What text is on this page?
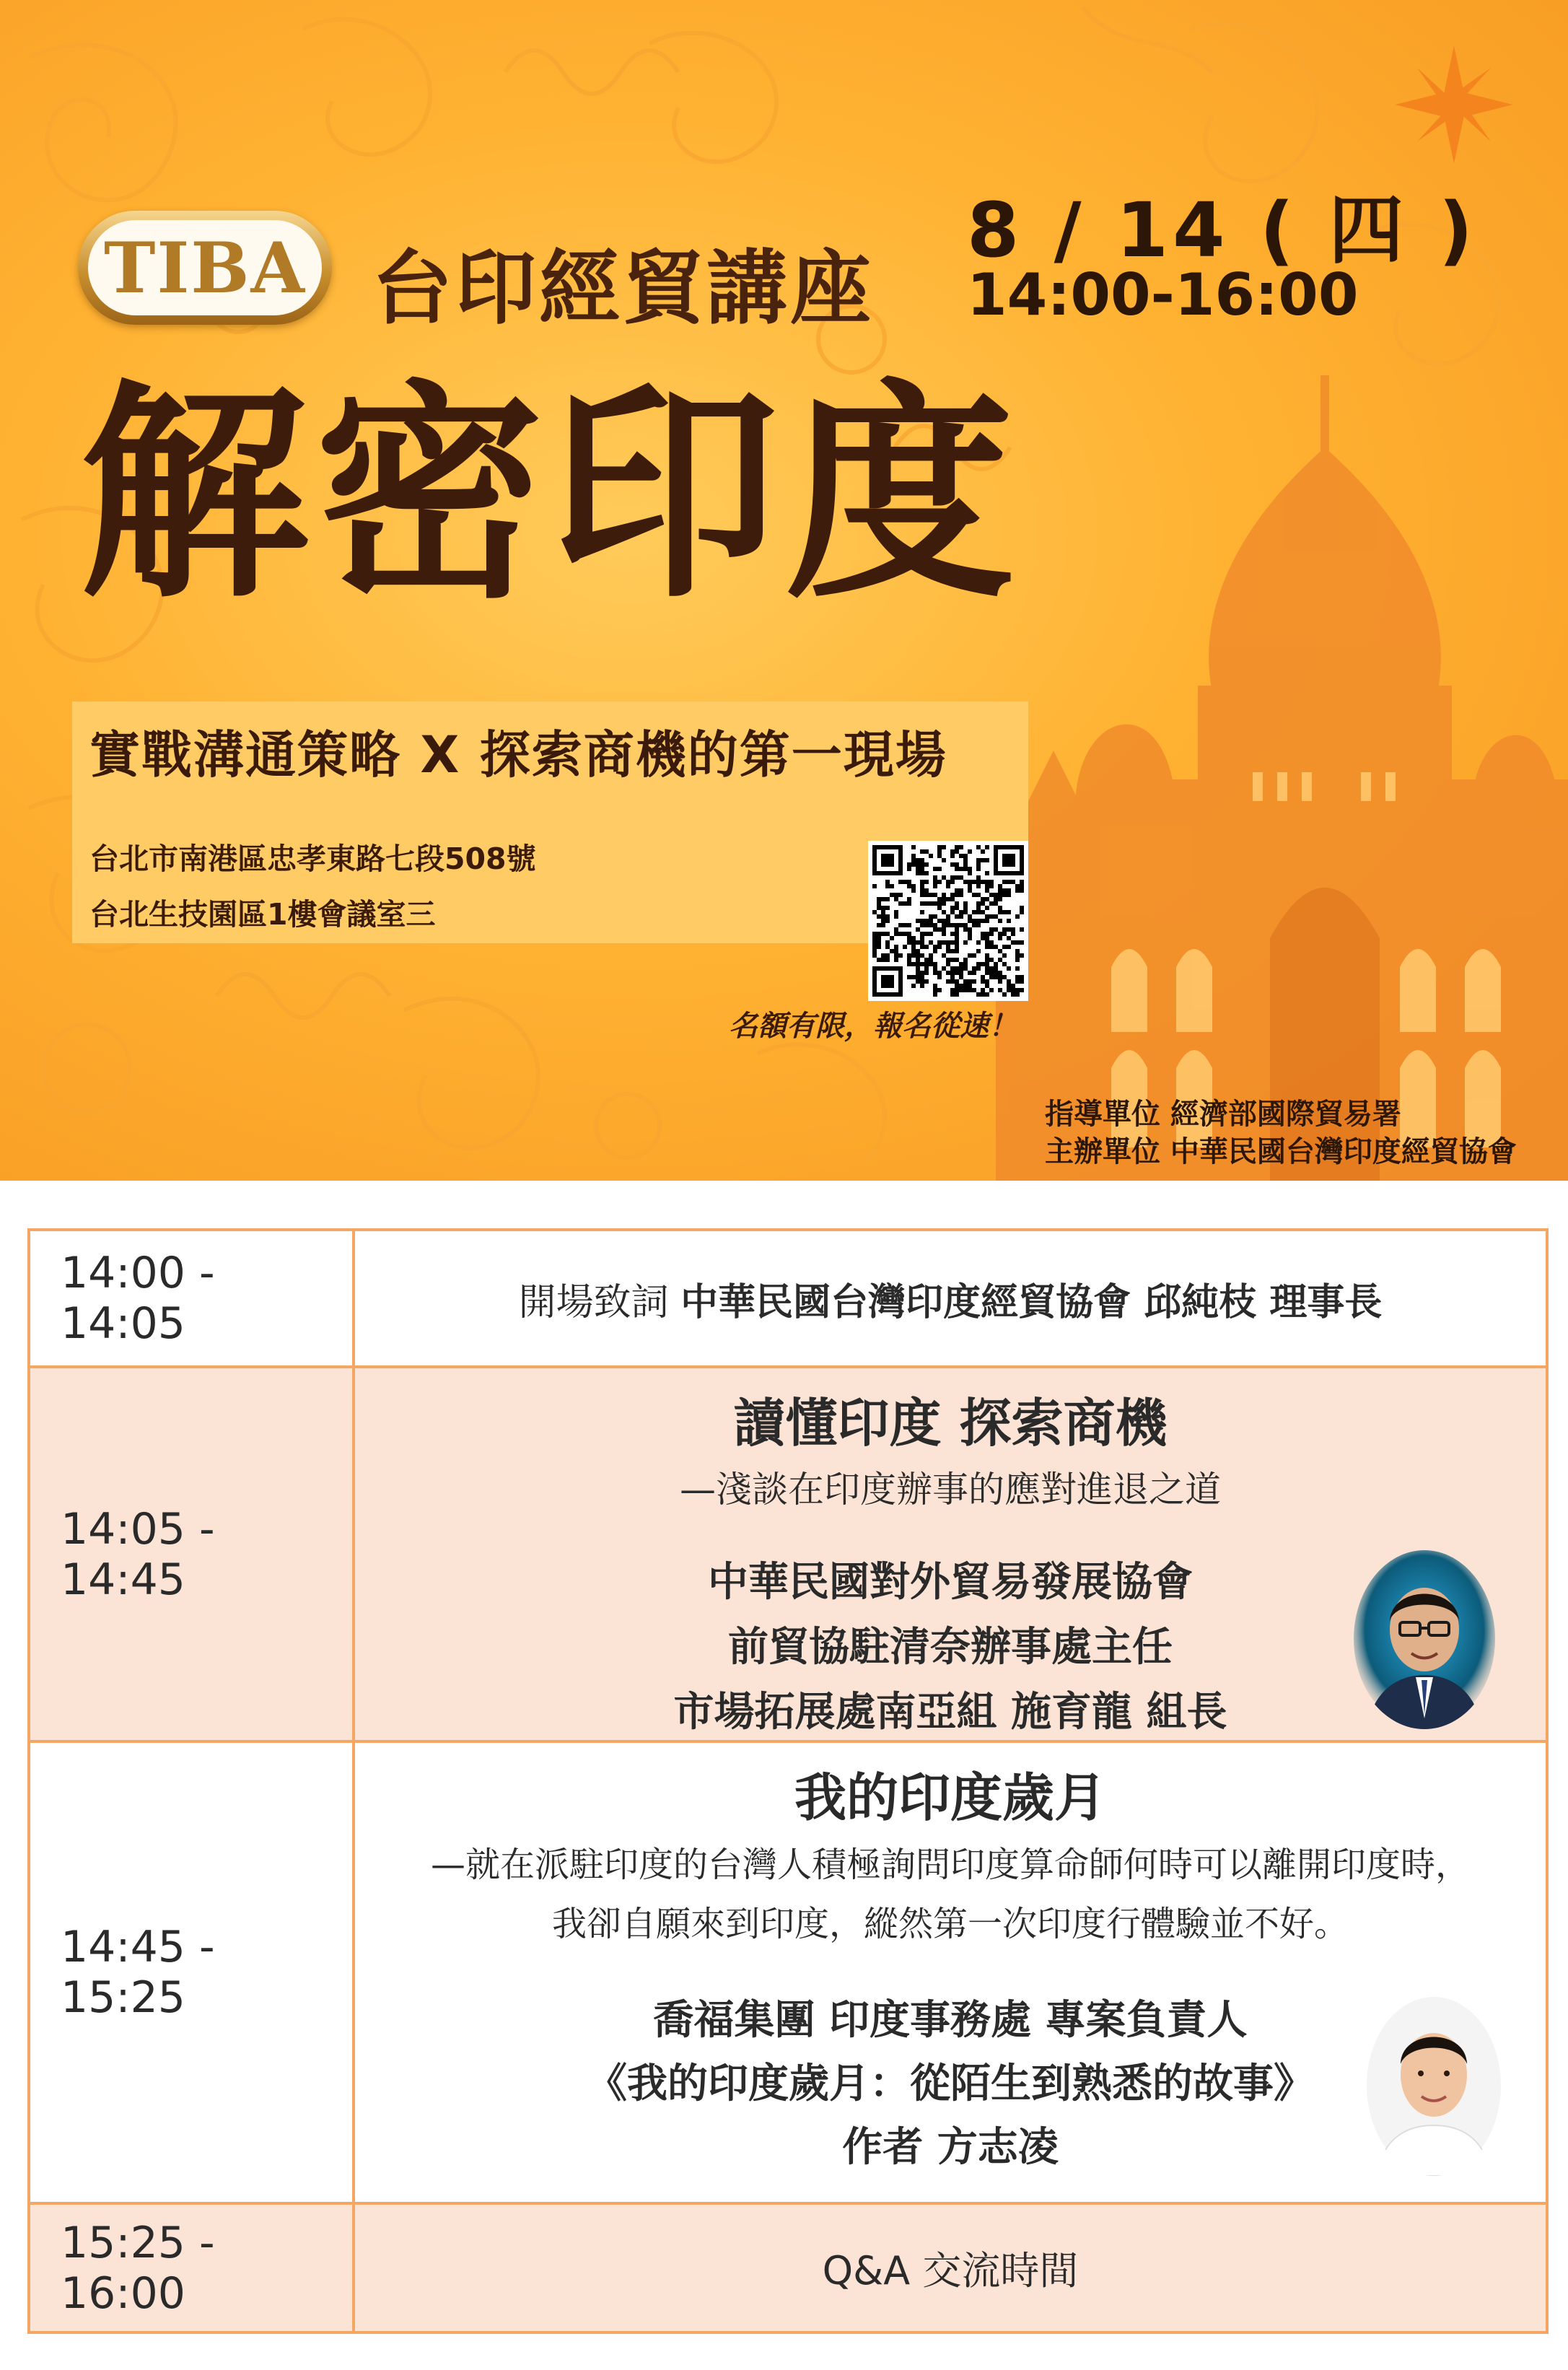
TIBA 台印經貿講座
8 / 14 ( 四 )
14:00-16:00
解密印度
實戰溝通策略 X 探索商機的第一現場
台北市南港區忠孝東路七段508號
台北生技園區1樓會議室三
名額有限，報名從速！
指導單位 經濟部國際貿易署
主辦單位 中華民國台灣印度經貿協會
14:00 - 14:05	開場致詞
中華民國台灣印度經貿協會 邱純枝 理事長
14:05 - 14:45
讀懂印度 探索商機
—淺談在印度辦事的應對進退之道
中華民國對外貿易發展協會
前貿協駐清奈辦事處主任
市場拓展處南亞組 施育龍 組長
14:45 - 15:25
我的印度歲月
—就在派駐印度的台灣人積極詢問印度算命師何時可以離開印度時，
我卻自願來到印度，縱然第一次印度行體驗並不好。
喬福集團 印度事務處 專案負責人
《我的印度歲月：從陌生到熟悉的故事》
作者 方志凌
15:25 - 16:00	Q&A 交流時間
